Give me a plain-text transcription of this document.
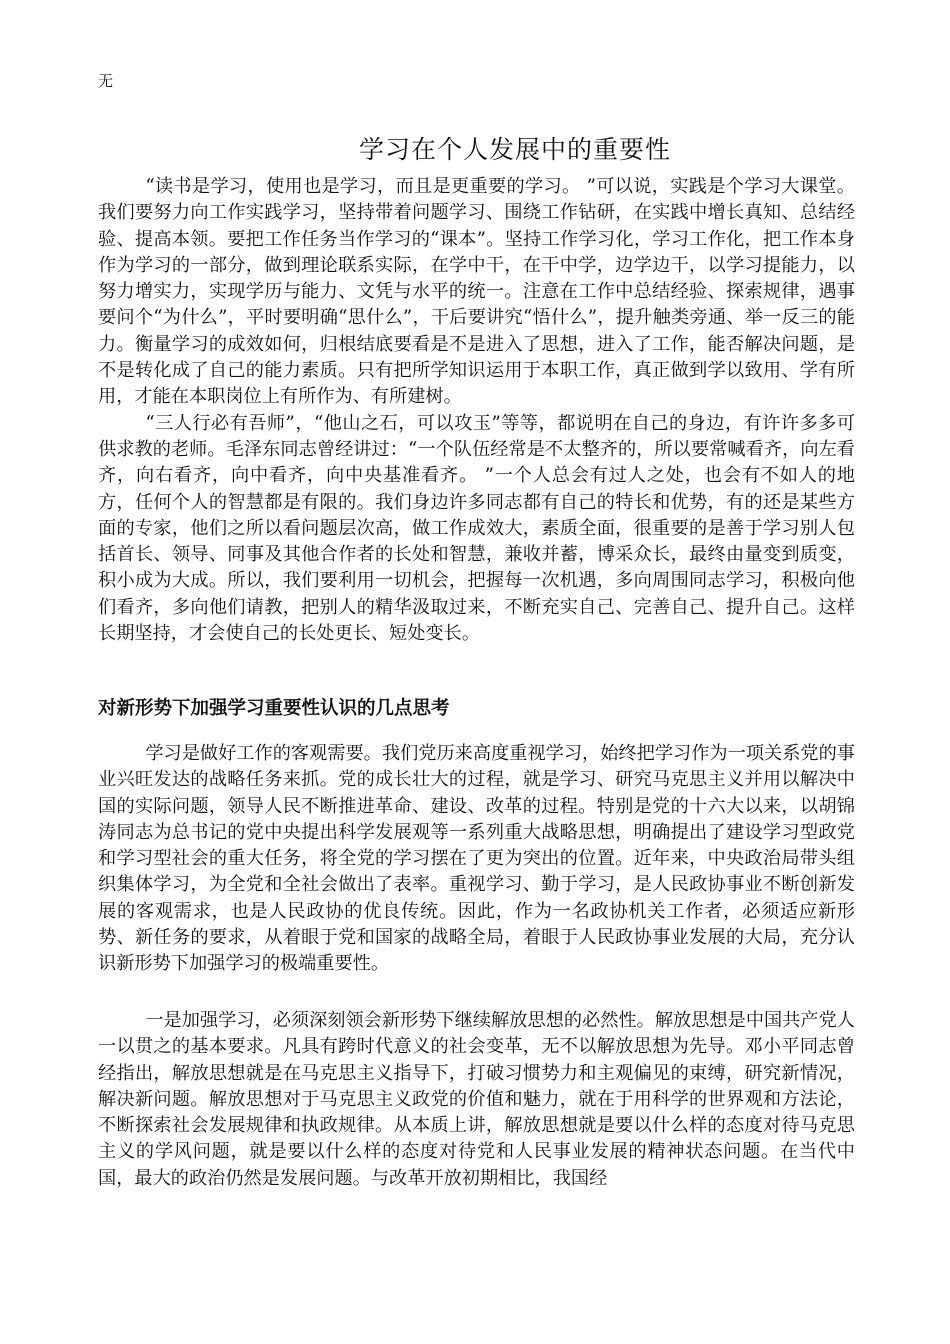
无
学习在个人发展中的重要性

“读书是学习，使用也是学习，而且是更重要的学习。 ”可以说，实践是个学习大课堂。我们要努力向工作实践学习，坚持带着问题学习、围绕工作钻研，在实践中增长真知、总结经验、提高本领。要把工作任务当作学习的“课本”。坚持工作学习化，学习工作化，把工作本身作为学习的一部分，做到理论联系实际，在学中干，在干中学，边学边干，以学习提能力，以努力增实力，实现学历与能力、文凭与水平的统一。注意在工作中总结经验、探索规律，遇事要问个“为什么”，平时要明确“思什么”，干后要讲究“悟什么”，提升触类旁通、举一反三的能力。衡量学习的成效如何，归根结底要看是不是进入了思想，进入了工作，能否解决问题，是不是转化成了自己的能力素质。只有把所学知识运用于本职工作，真正做到学以致用、学有所用，才能在本职岗位上有所作为、有所建树。

“三人行必有吾师”，“他山之石，可以攻玉”等等，都说明在自己的身边，有许许多多可供求教的老师。毛泽东同志曾经讲过：“一个队伍经常是不太整齐的，所以要常喊看齐，向左看齐，向右看齐，向中看齐，向中央基准看齐。 ”一个人总会有过人之处，也会有不如人的地方，任何个人的智慧都是有限的。我们身边许多同志都有自己的特长和优势，有的还是某些方面的专家，他们之所以看问题层次高，做工作成效大，素质全面，很重要的是善于学习别人包括首长、领导、同事及其他合作者的长处和智慧，兼收并蓄，博采众长，最终由量变到质变，积小成为大成。所以，我们要利用一切机会，把握每一次机遇，多向周围同志学习，积极向他们看齐，多向他们请教，把别人的精华汲取过来，不断充实自己、完善自己、提升自己。这样长期坚持，才会使自己的长处更长、短处变长。

对新形势下加强学习重要性认识的几点思考

学习是做好工作的客观需要。我们党历来高度重视学习，始终把学习作为一项关系党的事业兴旺发达的战略任务来抓。党的成长壮大的过程，就是学习、研究马克思主义并用以解决中国的实际问题，领导人民不断推进革命、建设、改革的过程。特别是党的十六大以来，以胡锦涛同志为总书记的党中央提出科学发展观等一系列重大战略思想，明确提出了建设学习型政党和学习型社会的重大任务，将全党的学习摆在了更为突出的位置。近年来，中央政治局带头组织集体学习，为全党和全社会做出了表率。重视学习、勤于学习，是人民政协事业不断创新发展的客观需求，也是人民政协的优良传统。因此，作为一名政协机关工作者，必须适应新形势、新任务的要求，从着眼于党和国家的战略全局，着眼于人民政协事业发展的大局，充分认识新形势下加强学习的极端重要性。

一是加强学习，必须深刻领会新形势下继续解放思想的必然性。解放思想是中国共产党人一以贯之的基本要求。凡具有跨时代意义的社会变革，无不以解放思想为先导。邓小平同志曾经指出，解放思想就是在马克思主义指导下，打破习惯势力和主观偏见的束缚，研究新情况，解决新问题。解放思想对于马克思主义政党的价值和魅力，就在于用科学的世界观和方法论，不断探索社会发展规律和执政规律。从本质上讲，解放思想就是要以什么样的态度对待马克思主义的学风问题，就是要以什么样的态度对待党和人民事业发展的精神状态问题。在当代中国，最大的政治仍然是发展问题。与改革开放初期相比，我国经
